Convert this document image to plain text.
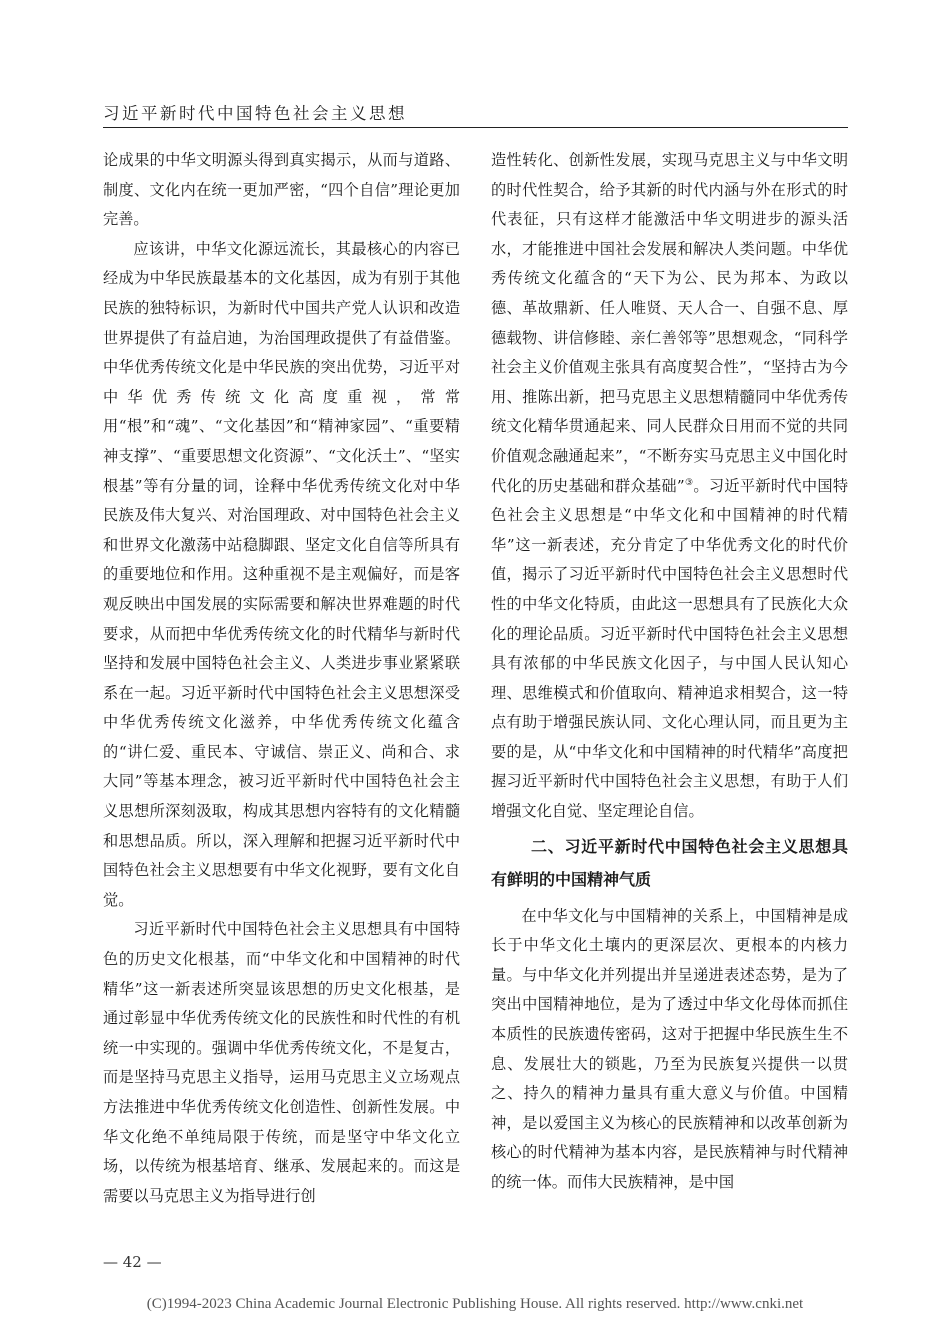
习近平新时代中国特色社会主义思想

论成果的中华文明源头得到真实揭示，从而与道路、制度、文化内在统一更加严密，“四个自信”理论更加完善。

应该讲，中华文化源远流长，其最核心的内容已经成为中华民族最基本的文化基因，成为有别于其他民族的独特标识，为新时代中国共产党人认识和改造世界提供了有益启迪，为治国理政提供了有益借鉴。中华优秀传统文化是中华民族的突出优势，习近平对中华优秀传统文化高度重视，常常用“根”和“魂”、“文化基因”和“精神家园”、“重要精神支撑”、“重要思想文化资源”、“文化沃土”、“坚实根基”等有分量的词，诠释中华优秀传统文化对中华民族及伟大复兴、对治国理政、对中国特色社会主义和世界文化激荡中站稳脚跟、坚定文化自信等所具有的重要地位和作用。这种重视不是主观偏好，而是客观反映出中国发展的实际需要和解决世界难题的时代要求，从而把中华优秀传统文化的时代精华与新时代坚持和发展中国特色社会主义、人类进步事业紧紧联系在一起。习近平新时代中国特色社会主义思想深受中华优秀传统文化滋养，中华优秀传统文化蕴含的“讲仁爱、重民本、守诚信、崇正义、尚和合、求大同”等基本理念，被习近平新时代中国特色社会主义思想所深刻汲取，构成其思想内容特有的文化精髓和思想品质。所以，深入理解和把握习近平新时代中国特色社会主义思想要有中华文化视野，要有文化自觉。

习近平新时代中国特色社会主义思想具有中国特色的历史文化根基，而“中华文化和中国精神的时代精华”这一新表述所突显该思想的历史文化根基，是通过彰显中华优秀传统文化的民族性和时代性的有机统一中实现的。强调中华优秀传统文化，不是复古，而是坚持马克思主义指导，运用马克思主义立场观点方法推进中华优秀传统文化创造性、创新性发展。中华文化绝不单纯局限于传统，而是坚守中华文化立场，以传统为根基培育、继承、发展起来的。而这是需要以马克思主义为指导进行创

造性转化、创新性发展，实现马克思主义与中华文明的时代性契合，给予其新的时代内涵与外在形式的时代表征，只有这样才能激活中华文明进步的源头活水，才能推进中国社会发展和解决人类问题。中华优秀传统文化蕴含的“天下为公、民为邦本、为政以德、革故鼎新、任人唯贤、天人合一、自强不息、厚德载物、讲信修睦、亲仁善邻等”思想观念，“同科学社会主义价值观主张具有高度契合性”，“坚持古为今用、推陈出新，把马克思主义思想精髓同中华优秀传统文化精华贯通起来、同人民群众日用而不觉的共同价值观念融通起来”，“不断夯实马克思主义中国化时代化的历史基础和群众基础”③。习近平新时代中国特色社会主义思想是“中华文化和中国精神的时代精华”这一新表述，充分肯定了中华优秀文化的时代价值，揭示了习近平新时代中国特色社会主义思想时代性的中华文化特质，由此这一思想具有了民族化大众化的理论品质。习近平新时代中国特色社会主义思想具有浓郁的中华民族文化因子，与中国人民认知心理、思维模式和价值取向、精神追求相契合，这一特点有助于增强民族认同、文化心理认同，而且更为主要的是，从“中华文化和中国精神的时代精华”高度把握习近平新时代中国特色社会主义思想，有助于人们增强文化自觉、坚定理论自信。

二、习近平新时代中国特色社会主义思想具有鲜明的中国精神气质

在中华文化与中国精神的关系上，中国精神是成长于中华文化土壤内的更深层次、更根本的内核力量。与中华文化并列提出并呈递进表述态势，是为了突出中国精神地位，是为了透过中华文化母体而抓住本质性的民族遗传密码，这对于把握中华民族生生不息、发展壮大的锁匙，乃至为民族复兴提供一以贯之、持久的精神力量具有重大意义与价值。中国精神，是以爱国主义为核心的民族精神和以改革创新为核心的时代精神为基本内容，是民族精神与时代精神的统一体。而伟大民族精神，是中国

— 42 —
(C)1994-2023 China Academic Journal Electronic Publishing House. All rights reserved. http://www.cnki.net
